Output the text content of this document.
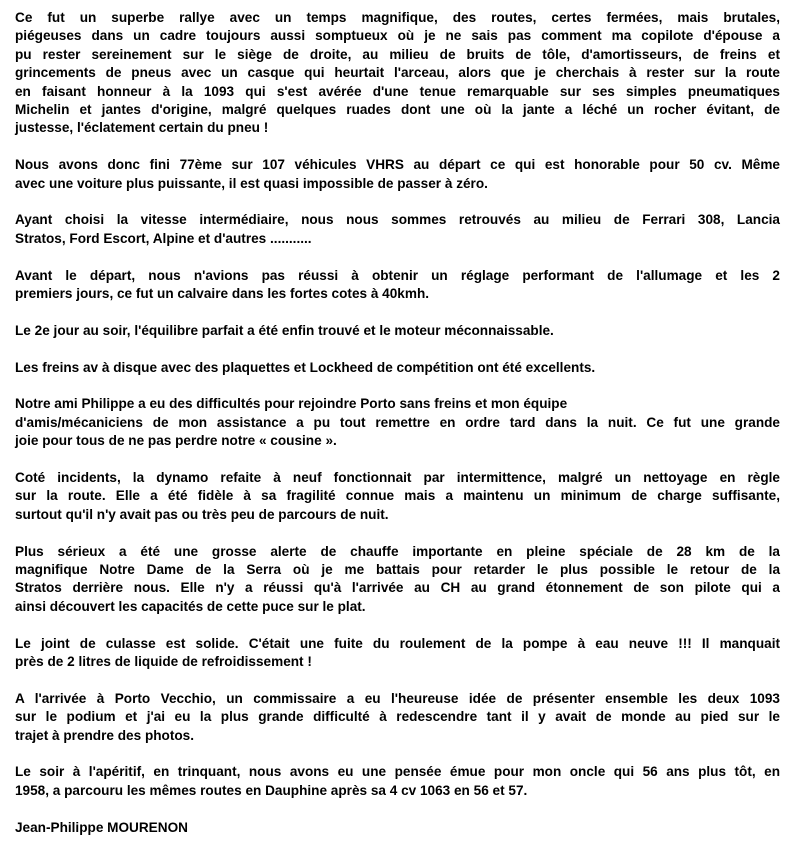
Ce fut un superbe rallye avec un temps magnifique, des routes, certes fermées, mais brutales,
piégeuses dans un cadre toujours aussi somptueux où je ne sais pas comment ma copilote d'épouse a
pu rester sereinement sur le siège de droite, au milieu de bruits de tôle, d'amortisseurs, de freins et
grincements de pneus avec un casque qui heurtait l'arceau, alors que je cherchais à rester sur la route
en faisant honneur à la 1093 qui s'est avérée d'une tenue remarquable sur ses simples pneumatiques
Michelin et jantes d'origine, malgré quelques ruades dont une où la jante a léché un rocher évitant, de
justesse, l'éclatement certain du pneu !

Nous avons donc fini 77ème sur 107 véhicules VHRS au départ ce qui est honorable pour 50 cv. Même
avec une voiture plus puissante, il est quasi impossible de passer à zéro.

Ayant choisi la vitesse intermédiaire, nous nous sommes retrouvés au milieu de Ferrari 308, Lancia
Stratos, Ford Escort, Alpine et d'autres ...........

Avant le départ, nous n'avions pas réussi à obtenir un réglage performant de l'allumage et les 2
premiers jours, ce fut un calvaire dans les fortes cotes à 40kmh.

Le 2e jour au soir, l'équilibre parfait a été enfin trouvé et le moteur méconnaissable.

Les freins av à disque avec des plaquettes et Lockheed de compétition ont été excellents.

Notre ami Philippe a eu des difficultés pour rejoindre Porto sans freins et mon équipe
d'amis/mécaniciens de mon assistance a pu tout remettre en ordre tard dans la nuit. Ce fut une grande
joie pour tous de ne pas perdre notre « cousine ».

Coté incidents, la dynamo refaite à neuf fonctionnait par intermittence, malgré un nettoyage en règle
sur la route. Elle a été fidèle à sa fragilité connue mais a maintenu un minimum de charge suffisante,
surtout qu'il n'y avait pas ou très peu de parcours de nuit.

Plus sérieux a été une grosse alerte de chauffe importante en pleine spéciale de 28 km de la
magnifique Notre Dame de la Serra où je me battais pour retarder le plus possible le retour de la
Stratos derrière nous. Elle n'y a réussi qu'à l'arrivée au CH au grand étonnement de son pilote qui a
ainsi découvert les capacités de cette puce sur le plat.

Le joint de culasse est solide. C'était une fuite du roulement de la pompe à eau neuve !!! Il manquait
près de 2 litres de liquide de refroidissement !

A l'arrivée à Porto Vecchio, un commissaire a eu l'heureuse idée de présenter ensemble les deux 1093
sur le podium et j'ai eu la plus grande difficulté à redescendre tant il y avait de monde au pied sur le
trajet à prendre des photos.

Le soir à l'apéritif, en trinquant, nous avons eu une pensée émue pour mon oncle qui 56 ans plus tôt, en
1958, a parcouru les mêmes routes en Dauphine après sa 4 cv 1063 en 56 et 57.

Jean-Philippe MOURENON
